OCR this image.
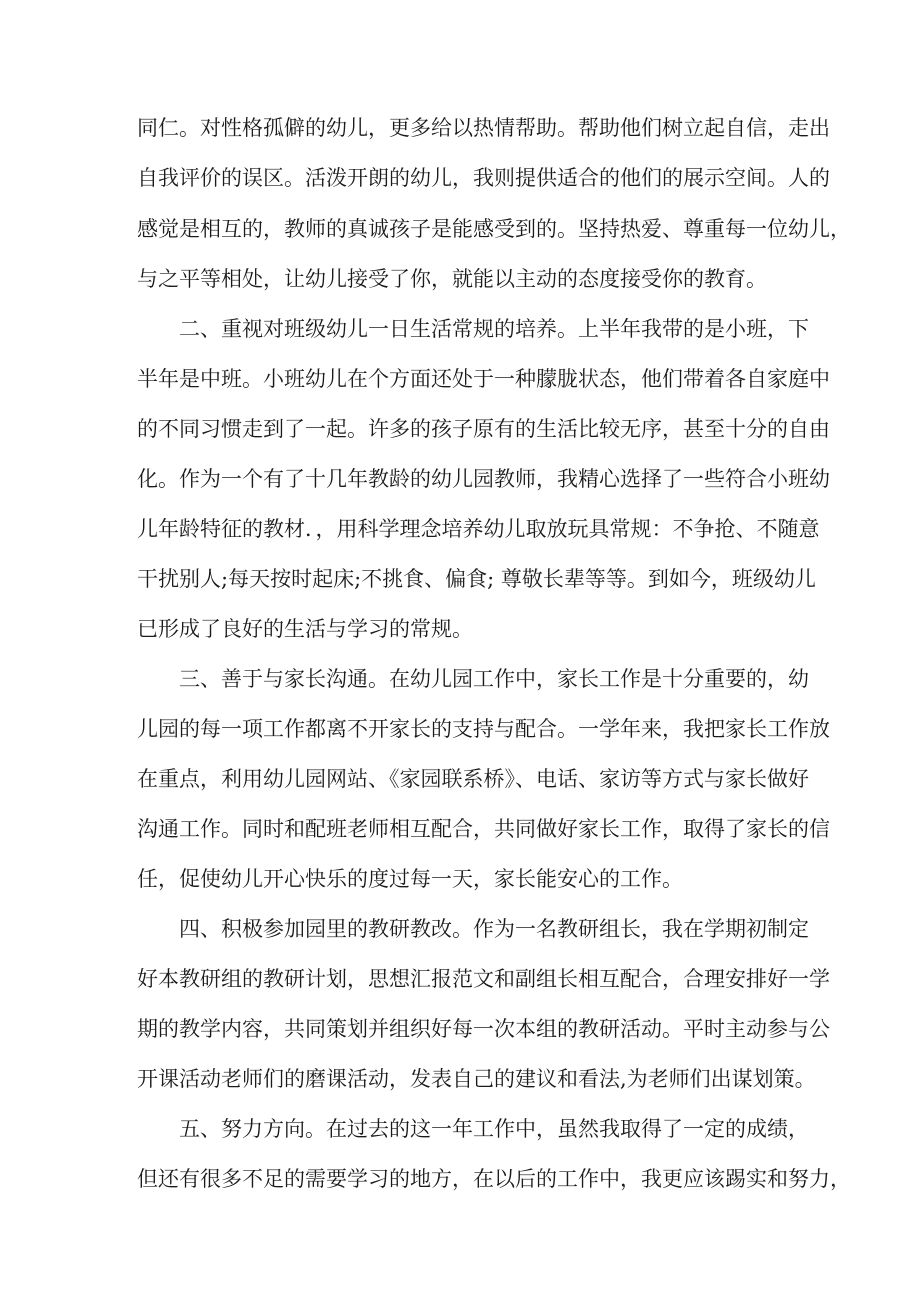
同仁。对性格孤僻的幼儿，更多给以热情帮助。帮助他们树立起自信，走出
自我评价的误区。活泼开朗的幼儿，我则提供适合的他们的展示空间。人的
感觉是相互的，教师的真诚孩子是能感受到的。坚持热爱、尊重每一位幼儿，
与之平等相处，让幼儿接受了你，就能以主动的态度接受你的教育。
二、重视对班级幼儿一日生活常规的培养。上半年我带的是小班，下
半年是中班。小班幼儿在个方面还处于一种朦胧状态，他们带着各自家庭中
的不同习惯走到了一起。许多的孩子原有的生活比较无序，甚至十分的自由
化。作为一个有了十几年教龄的幼儿园教师，我精心选择了一些符合小班幼
儿年龄特征的教材．，用科学理念培养幼儿取放玩具常规：不争抢、不随意
干扰别人;每天按时起床;不挑食、偏食; 尊敬长辈等等。到如今，班级幼儿
已形成了良好的生活与学习的常规。
三、善于与家长沟通。在幼儿园工作中，家长工作是十分重要的，幼
儿园的每一项工作都离不开家长的支持与配合。一学年来，我把家长工作放
在重点，利用幼儿园网站、《家园联系桥》、电话、家访等方式与家长做好
沟通工作。同时和配班老师相互配合，共同做好家长工作，取得了家长的信
任，促使幼儿开心快乐的度过每一天，家长能安心的工作。
四、积极参加园里的教研教改。作为一名教研组长，我在学期初制定
好本教研组的教研计划，思想汇报范文和副组长相互配合，合理安排好一学
期的教学内容，共同策划并组织好每一次本组的教研活动。平时主动参与公
开课活动老师们的磨课活动，发表自己的建议和看法,为老师们出谋划策。
五、努力方向。在过去的这一年工作中，虽然我取得了一定的成绩，
但还有很多不足的需要学习的地方，在以后的工作中，我更应该踢实和努力，
